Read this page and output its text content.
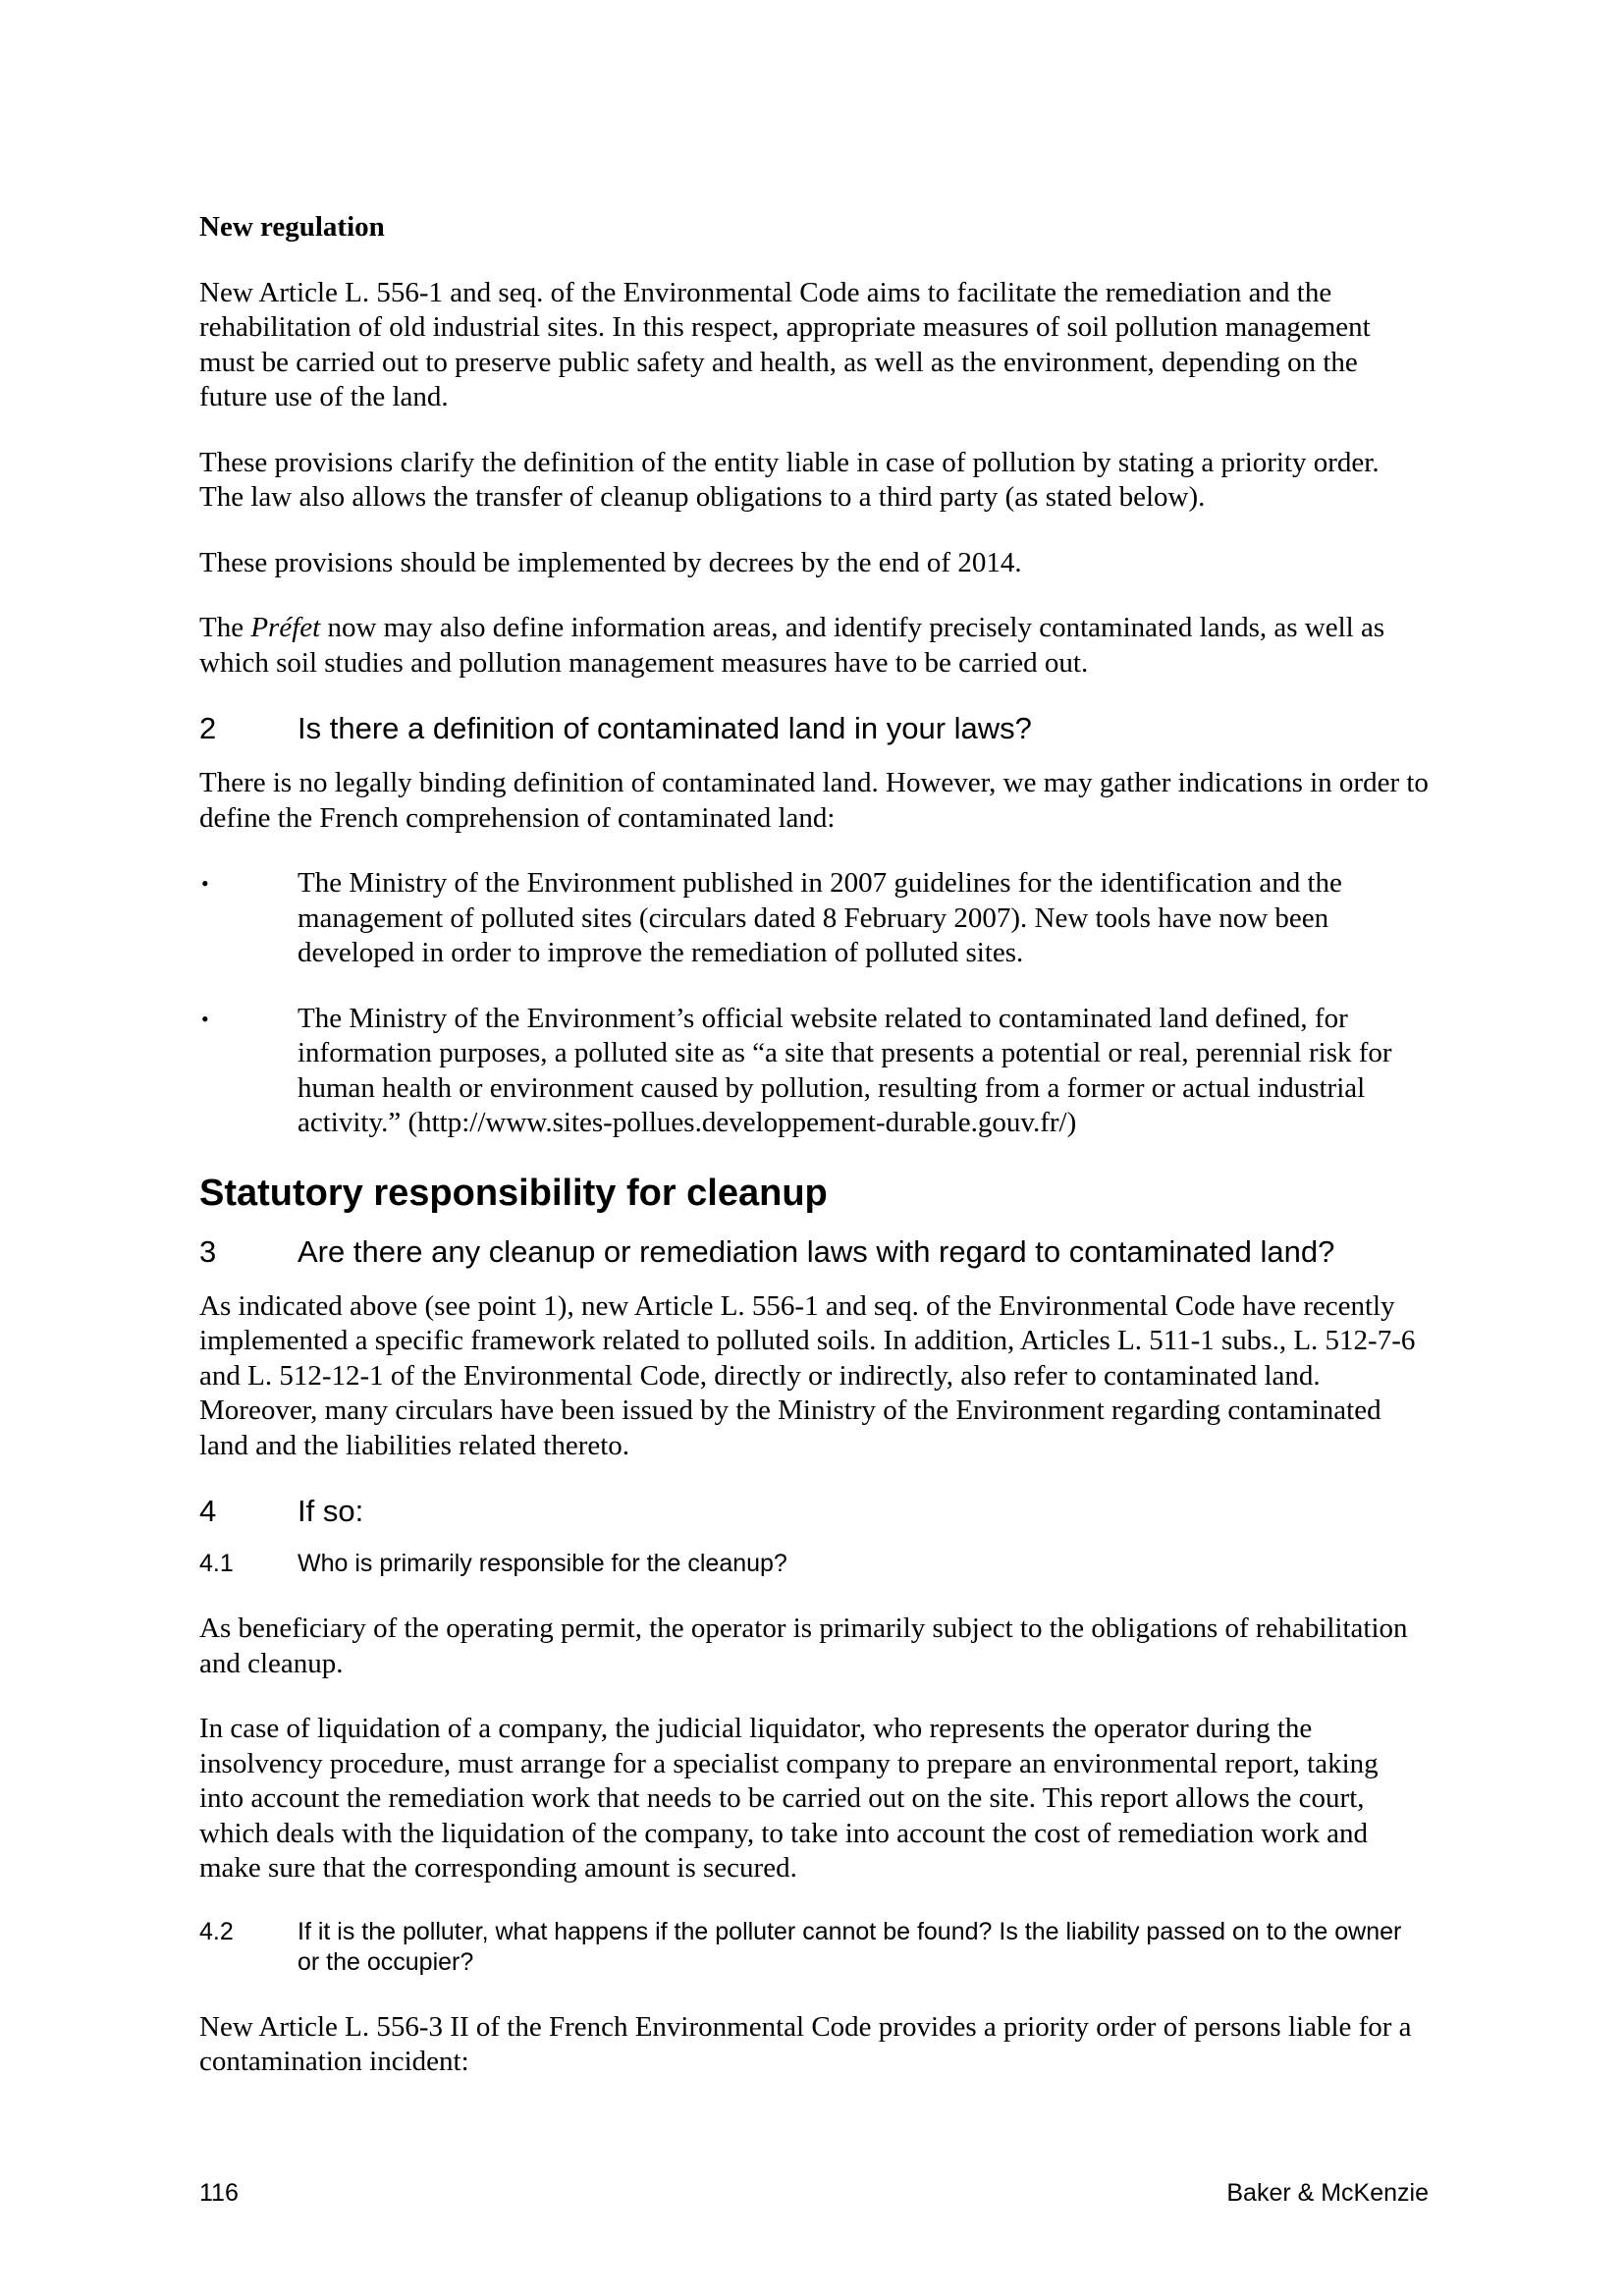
New regulation

New Article L. 556-1 and seq. of the Environmental Code aims to facilitate the remediation and the rehabilitation of old industrial sites. In this respect, appropriate measures of soil pollution management must be carried out to preserve public safety and health, as well as the environment, depending on the future use of the land.

These provisions clarify the definition of the entity liable in case of pollution by stating a priority order. The law also allows the transfer of cleanup obligations to a third party (as stated below).

These provisions should be implemented by decrees by the end of 2014.

The Préfet now may also define information areas, and identify precisely contaminated lands, as well as which soil studies and pollution management measures have to be carried out.

2	Is there a definition of contaminated land in your laws?

There is no legally binding definition of contaminated land. However, we may gather indications in order to define the French comprehension of contaminated land:

•	The Ministry of the Environment published in 2007 guidelines for the identification and the management of polluted sites (circulars dated 8 February 2007). New tools have now been developed in order to improve the remediation of polluted sites.
•	The Ministry of the Environment’s official website related to contaminated land defined, for information purposes, a polluted site as “a site that presents a potential or real, perennial risk for human health or environment caused by pollution, resulting from a former or actual industrial activity.” (http://www.sites-pollues.developpement-durable.gouv.fr/)
Statutory responsibility for cleanup
3	Are there any cleanup or remediation laws with regard to contaminated land?

As indicated above (see point 1), new Article L. 556-1 and seq. of the Environmental Code have recently implemented a specific framework related to polluted soils. In addition, Articles L. 511-1 subs., L. 512-7-6 and L. 512-12-1 of the Environmental Code, directly or indirectly, also refer to contaminated land. Moreover, many circulars have been issued by the Ministry of the Environment regarding contaminated land and the liabilities related thereto.

4	If so:
4.1	Who is primarily responsible for the cleanup?

As beneficiary of the operating permit, the operator is primarily subject to the obligations of rehabilitation and cleanup.

In case of liquidation of a company, the judicial liquidator, who represents the operator during the insolvency procedure, must arrange for a specialist company to prepare an environmental report, taking into account the remediation work that needs to be carried out on the site. This report allows the court, which deals with the liquidation of the company, to take into account the cost of remediation work and make sure that the corresponding amount is secured.

4.2	If it is the polluter, what happens if the polluter cannot be found? Is the liability passed on to the owner or the occupier?

New Article L. 556-3 II of the French Environmental Code provides a priority order of persons liable for a contamination incident:

116	Baker & McKenzie
